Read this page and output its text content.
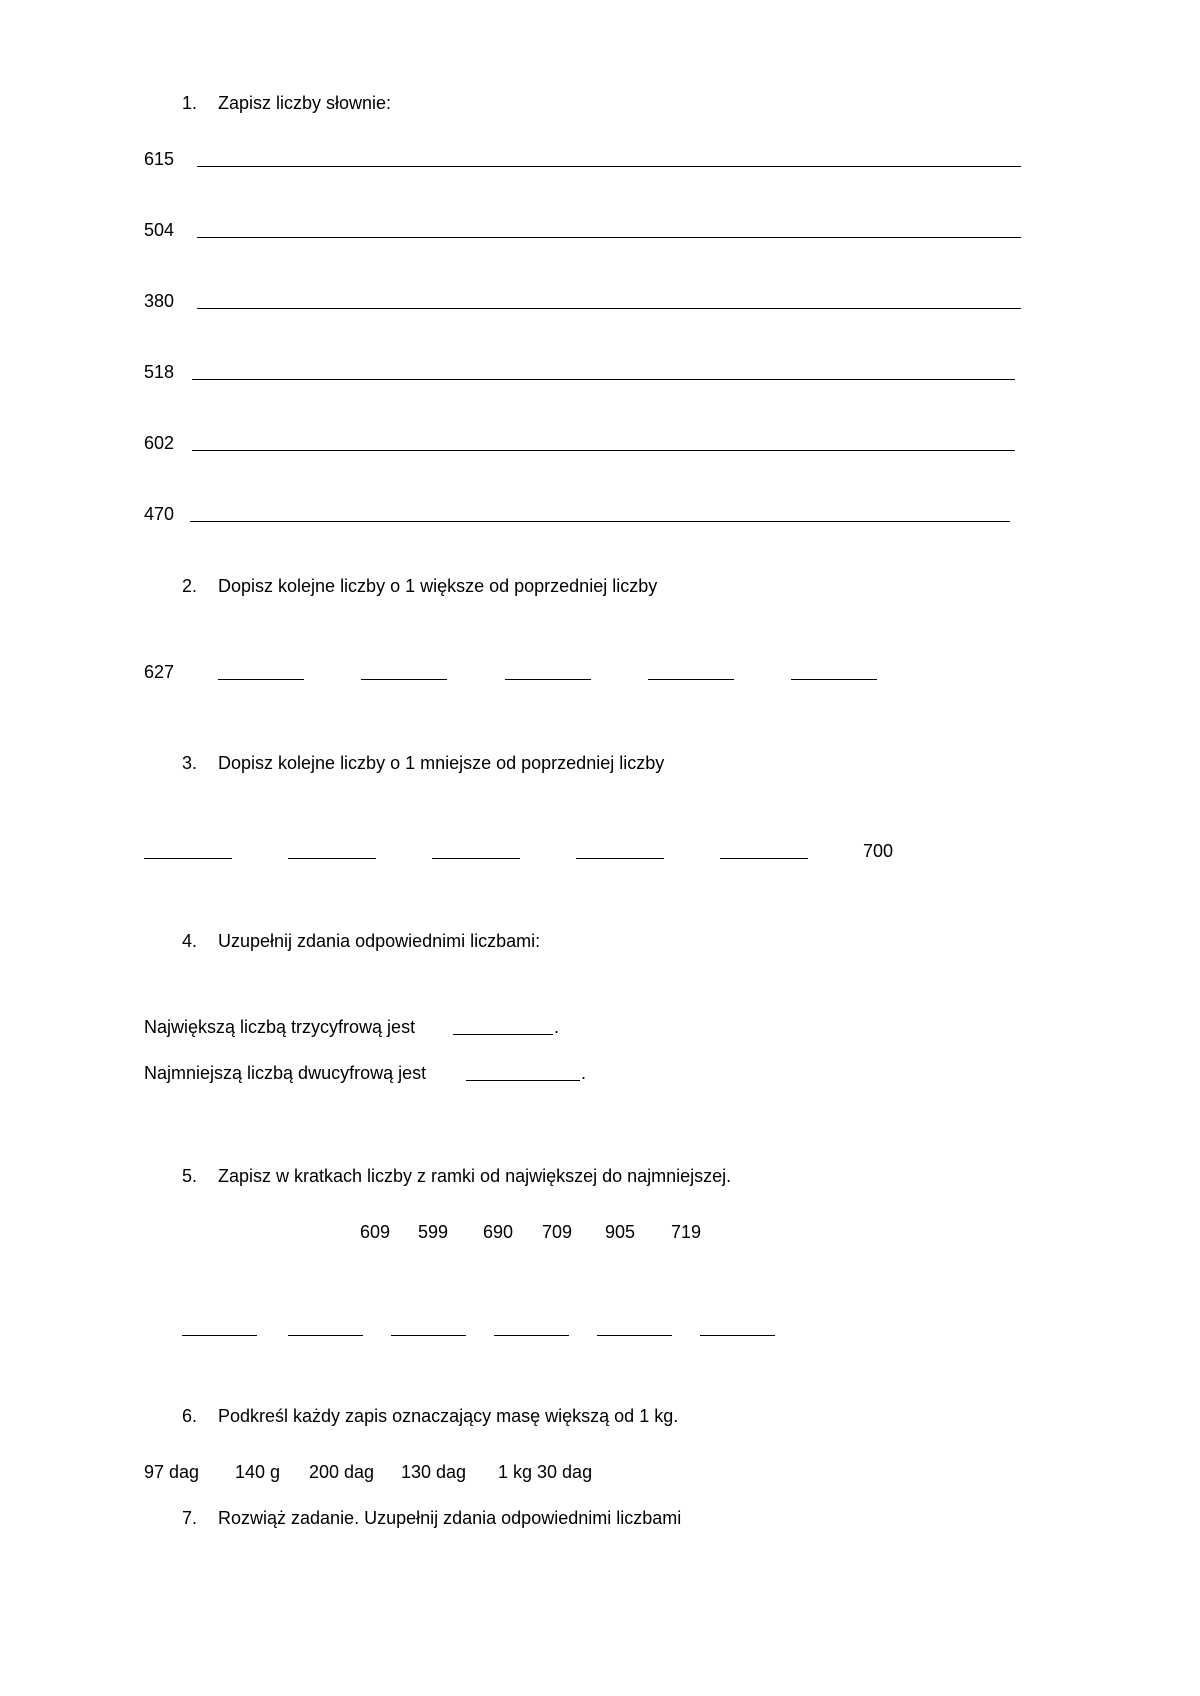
1. Zapisz liczby słownie:
615
504
380
518
602
470
2. Dopisz kolejne liczby o 1 większe od poprzedniej liczby
627
3. Dopisz kolejne liczby o 1 mniejsze od poprzedniej liczby
700
4. Uzupełnij zdania odpowiednimi liczbami:
Największą liczbą trzycyfrową jest	.
Najmniejszą liczbą dwucyfrową jest	.
5. Zapisz w kratkach liczby z ramki od największej do najmniejszej.
609 599 690 709 905 719
6. Podkreśl każdy zapis oznaczający masę większą od 1 kg.
97 dag 140 g 200 dag 130 dag 1 kg 30 dag
7. Rozwiąż zadanie. Uzupełnij zdania odpowiednimi liczbami
